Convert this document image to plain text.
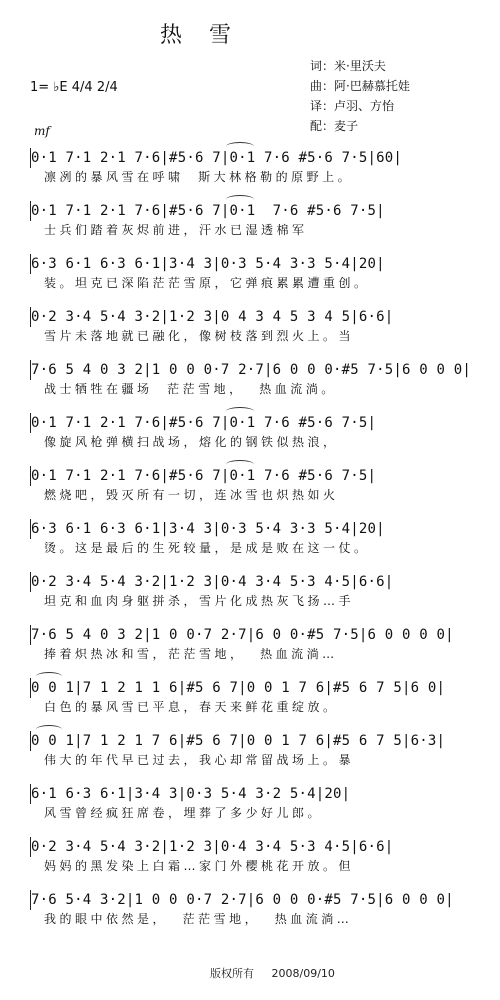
热 雪
1= ♭E 4/4 2/4
词：米·里沃夫
曲：阿·巴赫慕托娃
译：卢羽、方怡
配：麦子
mf
0·1 7·1 2·1 7·6|#5·6 7|0·1 7·6 #5·6 7·5|60|
凛冽的暴风雪在呼啸  斯大林格勒的原野上。
0·1 7·1 2·1 7·6|#5·6 7|0·1  7·6 #5·6 7·5|
士兵们踏着灰烬前进，汗水已湿透棉军
6·3 6·1 6·3 6·1|3·4 3|0·3 5·4 3·3 5·4|20|
装。坦克已深陷茫茫雪原，它弹痕累累遭重创。
0·2 3·4 5·4 3·2|1·2 3|0 4 3 4 5 3 4 5|6·6|
雪片未落地就已融化，像树枝落到烈火上。当
7·6 5 4 0 3 2|1 0 0 0·7 2·7|6 0 0 0·#5 7·5|6 0 0 0|
战士牺牲在疆场  茫茫雪地，  热血流淌。
0·1 7·1 2·1 7·6|#5·6 7|0·1 7·6 #5·6 7·5|
像旋风枪弹横扫战场，熔化的钢铁似热浪，
0·1 7·1 2·1 7·6|#5·6 7|0·1 7·6 #5·6 7·5|
燃烧吧，毁灭所有一切，连冰雪也炽热如火
6·3 6·1 6·3 6·1|3·4 3|0·3 5·4 3·3 5·4|20|
烫。这是最后的生死较量，是成是败在这一仗。
0·2 3·4 5·4 3·2|1·2 3|0·4 3·4 5·3 4·5|6·6|
坦克和血肉身躯拼杀，雪片化成热灰飞扬…手
7·6 5 4 0 3 2|1 0 0·7 2·7|6 0 0·#5 7·5|6 0 0 0 0|
捧着炽热冰和雪，茫茫雪地，  热血流淌…
0 0 1|7 1 2 1 1 6|#5 6 7|0 0 1 7 6|#5 6 7 5|6 0|
白色的暴风雪已平息，春天来鲜花重绽放。
0 0 1|7 1 2 1 7 6|#5 6 7|0 0 1 7 6|#5 6 7 5|6·3|
伟大的年代早已过去，我心却常留战场上。暴
6·1 6·3 6·1|3·4 3|0·3 5·4 3·2 5·4|20|
风雪曾经疯狂席卷，埋葬了多少好儿郎。
0·2 3·4 5·4 3·2|1·2 3|0·4 3·4 5·3 4·5|6·6|
妈妈的黑发染上白霜…家门外樱桃花开放。但
7·6 5·4 3·2|1 0 0 0·7 2·7|6 0 0 0·#5 7·5|6 0 0 0|
我的眼中依然是，  茫茫雪地，  热血流淌…
版权所有 2008/09/10
